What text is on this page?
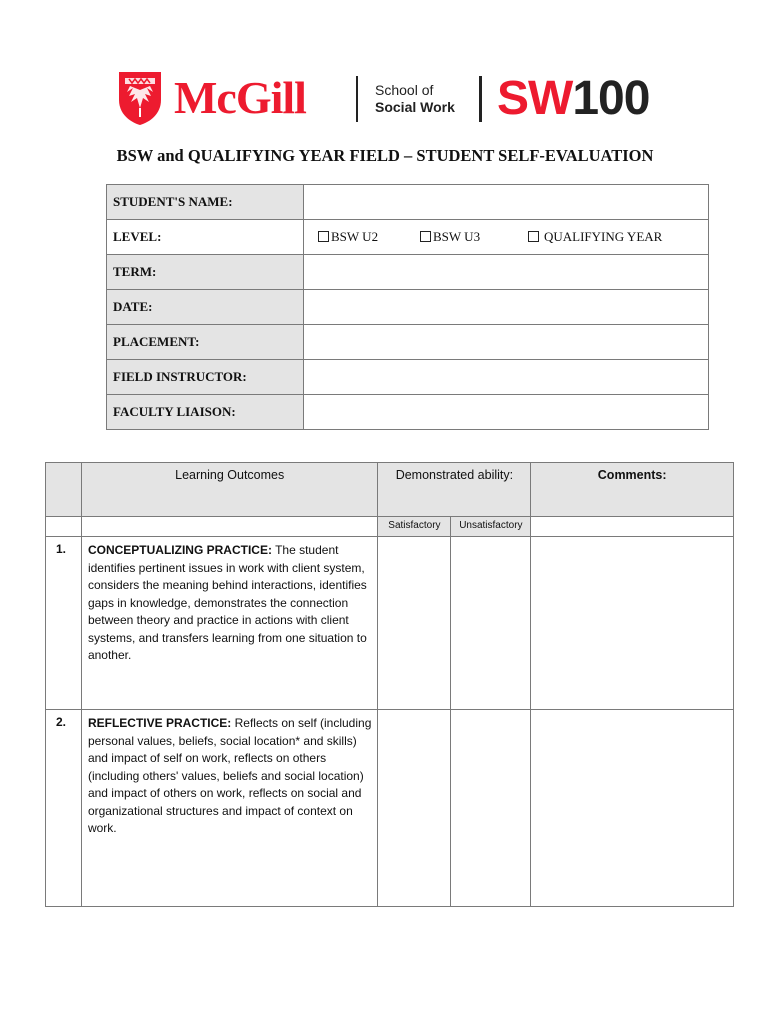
McGill	School of
Social Work SW100
BSW and QUALIFYING YEAR FIELD – STUDENT SELF-EVALUATION
STUDENT'S NAME:	
LEVEL:	BSW U2 BSW U3 QUALIFYING YEAR

TERM:	
DATE:	
PLACEMENT:	
FIELD INSTRUCTOR:	
FACULTY LIAISON:	
	Learning Outcomes	Demonstrated ability:		Comments:
		Satisfactory	Unsatisfactory	
1.	CONCEPTUALIZING PRACTICE: The student identifies pertinent issues in work with client system, considers the meaning behind interactions, identifies gaps in knowledge, demonstrates the connection between theory and practice in actions with client systems, and transfers learning from one situation to another.			
2.	REFLECTIVE PRACTICE: Reflects on self (including personal values, beliefs, social location* and skills) and impact of self on work, reflects on others (including others' values, beliefs and social location) and impact of others on work, reflects on social and organizational structures and impact of context on work.			
